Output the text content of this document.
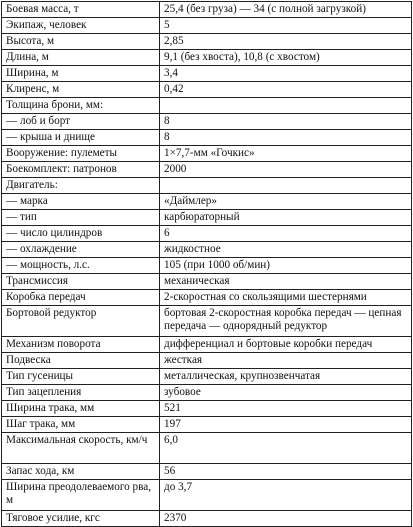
Боевая масса, т	25,4 (без груза) — 34 (с полной загрузкой)
Экипаж, человек	5
Высота, м	2,85
Длина, м	9,1 (без хвоста), 10,8 (с хвостом)
Ширина, м	3,4
Клиренс, м	0,42
Толщина брони, мм:	
— лоб и борт	8
— крыша и днище	8
Вооружение: пулеметы	1×7,7-мм «Гочкис»
Боекомплект: патронов	2000
Двигатель:	
— марка	«Даймлер»
— тип	карбюраторный
— число цилиндров	6
— охлаждение	жидкостное
— мощность, л.с.	105 (при 1000 об/мин)
Трансмиссия	механическая
Коробка передач	2-скоростная со скользящими шестернями
Бортовой редуктор	бортовая 2-скоростная коробка передач — цепная передача — однорядный редуктор
Механизм поворота	дифференциал и бортовые коробки передач
Подвеска	жесткая
Тип гусеницы	металлическая, крупнозвенчатая
Тип зацепления	зубовое
Ширина трака, мм	521
Шаг трака, мм	197
Максимальная скорость, км/ч	6,0
Запас хода, км	56
Ширина преодолеваемого рва, м	до 3,7
Тяговое усилие, кгс	2370
